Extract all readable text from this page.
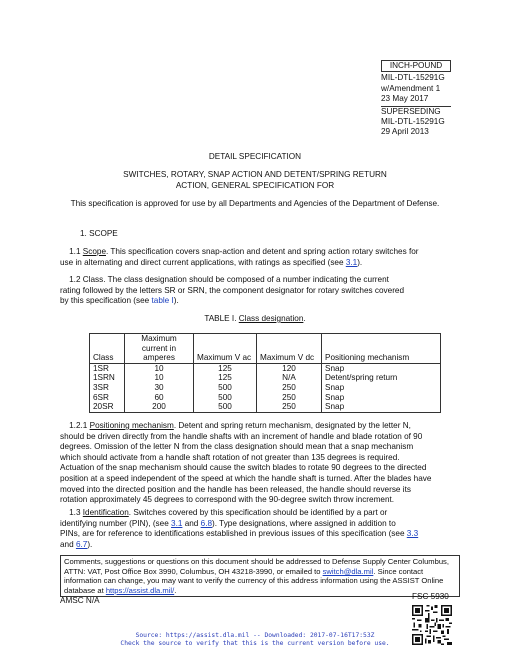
INCH-POUND
MIL-DTL-15291G
w/Amendment 1
23 May 2017
SUPERSEDING
MIL-DTL-15291G
29 April 2013

DETAIL SPECIFICATION

SWITCHES, ROTARY, SNAP ACTION AND DETENT/SPRING RETURN

ACTION, GENERAL SPECIFICATION FOR

This specification is approved for use by all Departments and Agencies of the Department of Defense.

1. SCOPE

1.1 Scope. This specification covers snap-action and detent and spring action rotary switches for

use in alternating and direct current applications, with ratings as specified (see 3.1).

1.2 Class. The class designation should be composed of a number indicating the current

rating followed by the letters SR or SRN, the component designator for rotary switches covered

by this specification (see table I).

TABLE I. Class designation.

Class	Maximum current in amperes	Maximum V ac	Maximum V dc	Positioning mechanism
1SR	10	125	120	Snap
1SRN	10	125	N/A	Detent/spring return
3SR	30	500	250	Snap
6SR	60	500	250	Snap
20SR	200	500	250	Snap

1.2.1 Positioning mechanism. Detent and spring return mechanism, designated by the letter N,

should be driven directly from the handle shafts with an increment of handle and blade rotation of 90

degrees. Omission of the letter N from the class designation should mean that a snap mechanism

which should activate from a handle shaft rotation of not greater than 135 degrees is required.

Actuation of the snap mechanism should cause the switch blades to rotate 90 degrees to the directed

position at a speed independent of the speed at which the handle shaft is turned. After the blades have

moved into the directed position and the handle has been released, the handle should reverse its

rotation approximately 45 degrees to correspond with the 90-degree switch throw increment.

1.3 Identification. Switches covered by this specification should be identified by a part or

identifying number (PIN), (see 3.1 and 6.8). Type designations, where assigned in addition to

PINs, are for reference to identifications established in previous issues of this specification (see 3.3

and 6.7).

Comments, suggestions or questions on this document should be addressed to Defense Supply Center Columbus,
ATTN: VAT, Post Office Box 3990, Columbus, OH 43218-3990, or emailed to switch@dla.mil. Since contact
information can change, you may want to verify the currency of this address information using the ASSIST Online
database at https://assist.dla.mil/.

AMSC N/A	FSC 5930

Source: https://assist.dla.mil -- Downloaded: 2017-07-16T17:53Z
Check the source to verify that this is the current version before use.
